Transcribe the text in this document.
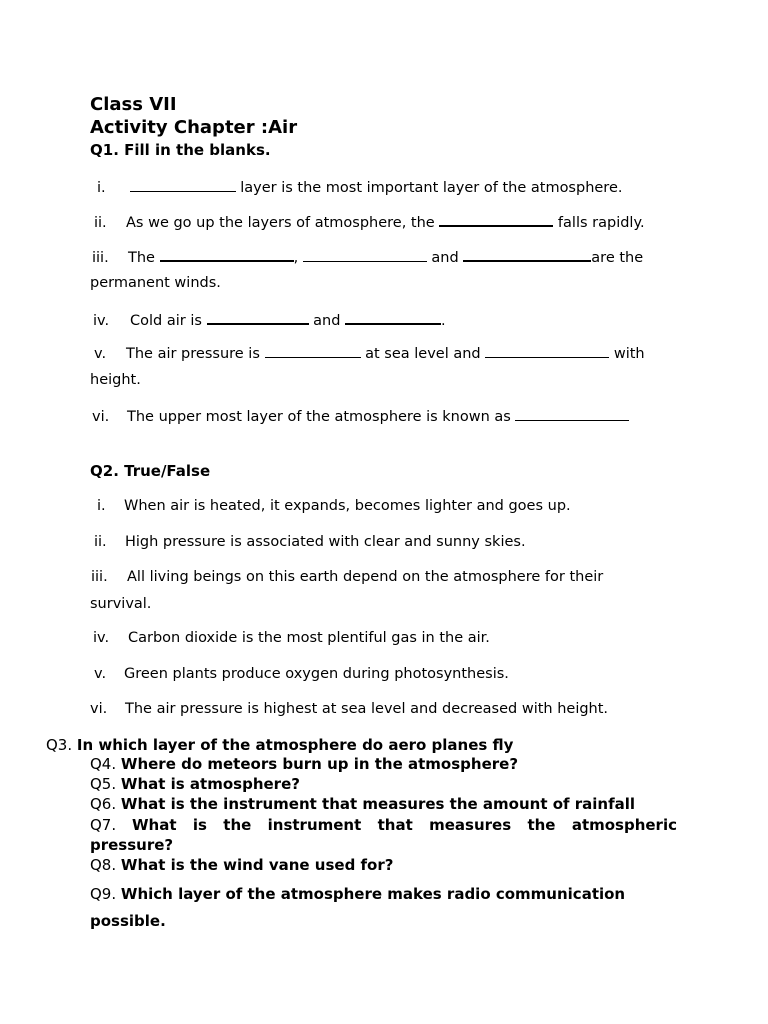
Class VII
Activity Chapter :Air
Q1. Fill in the blanks.
i.	layer is the most important layer of the atmosphere.
ii. As we go up the layers of atmosphere, the	falls rapidly.
iii. The	,	and	are the
permanent winds.
iv. Cold air is	and	.
v. The air pressure is	at sea level and	with
height.
vi. The upper most layer of the atmosphere is known as
Q2. True/False
i. When air is heated, it expands, becomes lighter and goes up.
ii. High pressure is associated with clear and sunny skies.
iii. All living beings on this earth depend on the atmosphere for their
survival.
iv. Carbon dioxide is the most plentiful gas in the air.
v. Green plants produce oxygen during photosynthesis.
vi. The air pressure is highest at sea level and decreased with height.
Q3. In which layer of the atmosphere do aero planes fly
Q4. Where do meteors burn up in the atmosphere?
Q5. What is atmosphere?
Q6. What is the instrument that measures the amount of rainfall
Q7. What is the instrument that measures the atmospheric
pressure?
Q8. What is the wind vane used for?
Q9. Which layer of the atmosphere makes radio communication
possible.
